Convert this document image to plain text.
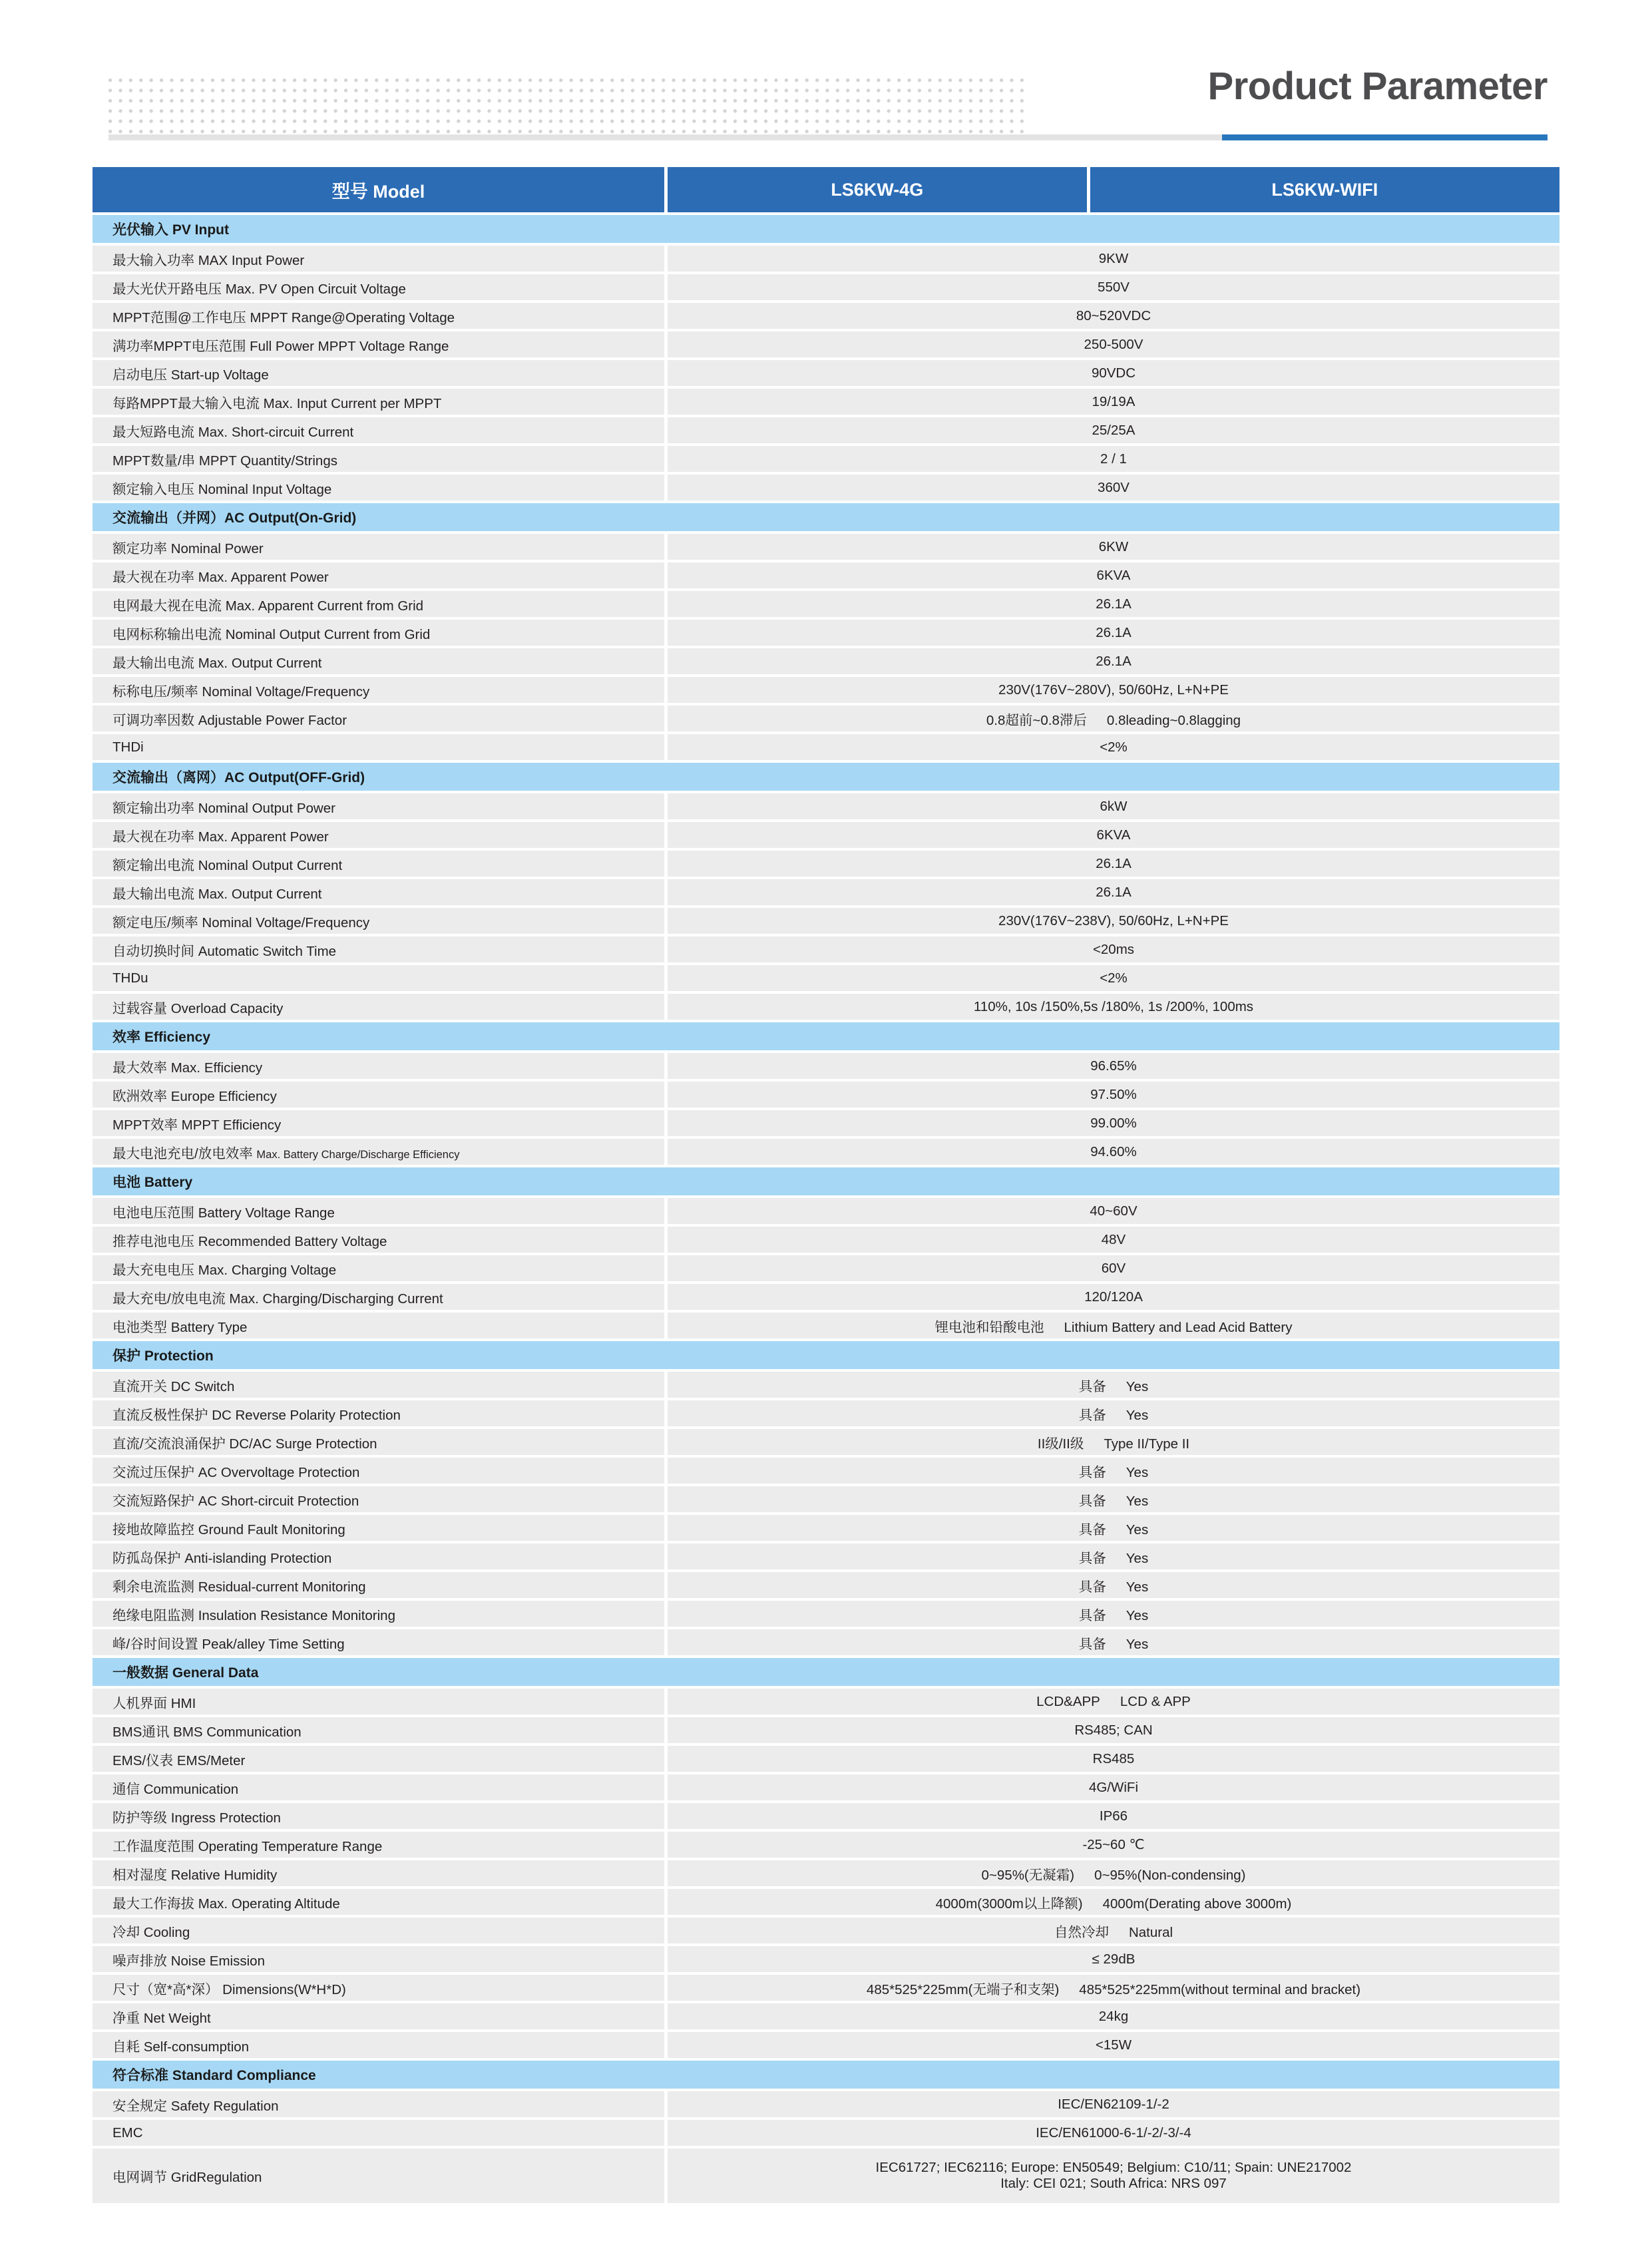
Product Parameter
型号 Model	LS6KW-4G	LS6KW-WIFI
光伏输入 PV Input		
最大输入功率 MAX Input Power	9KW	
最大光伏开路电压 Max. PV Open Circuit Voltage	550V	
MPPT范围@工作电压 MPPT Range@Operating Voltage	80~520VDC	
满功率MPPT电压范围 Full Power MPPT Voltage Range	250-500V	
启动电压 Start-up Voltage	90VDC	
每路MPPT最大输入电流 Max. Input Current per MPPT	19/19A	
最大短路电流 Max. Short-circuit Current	25/25A	
MPPT数量/串 MPPT Quantity/Strings	2 / 1	
额定输入电压 Nominal Input Voltage	360V	
交流输出（并网）AC Output(On-Grid)		
额定功率 Nominal Power	6KW	
最大视在功率 Max. Apparent Power	6KVA	
电网最大视在电流 Max. Apparent Current from Grid	26.1A	
电网标称输出电流 Nominal Output Current from Grid	26.1A	
最大输出电流 Max. Output Current	26.1A	
标称电压/频率 Nominal Voltage/Frequency	230V(176V~280V), 50/60Hz, L+N+PE	
可调功率因数 Adjustable Power Factor	0.8超前~0.8滞后 0.8leading~0.8lagging	
THDi	<2%	
交流输出（离网）AC Output(OFF-Grid)		
额定输出功率 Nominal Output Power	6kW	
最大视在功率 Max. Apparent Power	6KVA	
额定输出电流 Nominal Output Current	26.1A	
最大输出电流 Max. Output Current	26.1A	
额定电压/频率 Nominal Voltage/Frequency	230V(176V~238V), 50/60Hz, L+N+PE	
自动切换时间 Automatic Switch Time	<20ms	
THDu	<2%	
过载容量 Overload Capacity	110%, 10s /150%,5s /180%, 1s /200%, 100ms	
效率 Efficiency		
最大效率 Max. Efficiency	96.65%	
欧洲效率 Europe Efficiency	97.50%	
MPPT效率 MPPT Efficiency	99.00%	
最大电池充电/放电效率 Max. Battery Charge/Discharge Efficiency	94.60%	
电池 Battery		
电池电压范围 Battery Voltage Range	40~60V	
推荐电池电压 Recommended Battery Voltage	48V	
最大充电电压 Max. Charging Voltage	60V	
最大充电/放电电流 Max. Charging/Discharging Current	120/120A	
电池类型 Battery Type	锂电池和铅酸电池 Lithium Battery and Lead Acid Battery	
保护 Protection		
直流开关 DC Switch	具备 Yes	
直流反极性保护 DC Reverse Polarity Protection	具备 Yes	
直流/交流浪涌保护 DC/AC Surge Protection	II级/II级 Type II/Type II	
交流过压保护 AC Overvoltage Protection	具备 Yes	
交流短路保护 AC Short-circuit Protection	具备 Yes	
接地故障监控 Ground Fault Monitoring	具备 Yes	
防孤岛保护 Anti-islanding Protection	具备 Yes	
剩余电流监测 Residual-current Monitoring	具备 Yes	
绝缘电阻监测 Insulation Resistance Monitoring	具备 Yes	
峰/谷时间设置 Peak/alley Time Setting	具备 Yes	
一般数据 General Data		
人机界面 HMI	LCD&APP LCD & APP	
BMS通讯 BMS Communication	RS485; CAN	
EMS/仪表 EMS/Meter	RS485	
通信 Communication	4G/WiFi	
防护等级 Ingress Protection	IP66	
工作温度范围 Operating Temperature Range	-25~60 ℃	
相对湿度 Relative Humidity	0~95%(无凝霜) 0~95%(Non-condensing)	
最大工作海拔 Max. Operating Altitude	4000m(3000m以上降额) 4000m(Derating above 3000m)	
冷却 Cooling	自然冷却 Natural	
噪声排放 Noise Emission	≤ 29dB	
尺寸（宽*高*深） Dimensions(W*H*D)	485*525*225mm(无端子和支架) 485*525*225mm(without terminal and bracket)	
净重 Net Weight	24kg	
自耗 Self-consumption	<15W	
符合标准 Standard Compliance		
安全规定 Safety Regulation	IEC/EN62109-1/-2	
EMC	IEC/EN61000-6-1/-2/-3/-4	
电网调节 GridRegulation	IEC61727; IEC62116; Europe: EN50549; Belgium: C10/11; Spain: UNE217002
Italy: CEI 021; South Africa: NRS 097	
